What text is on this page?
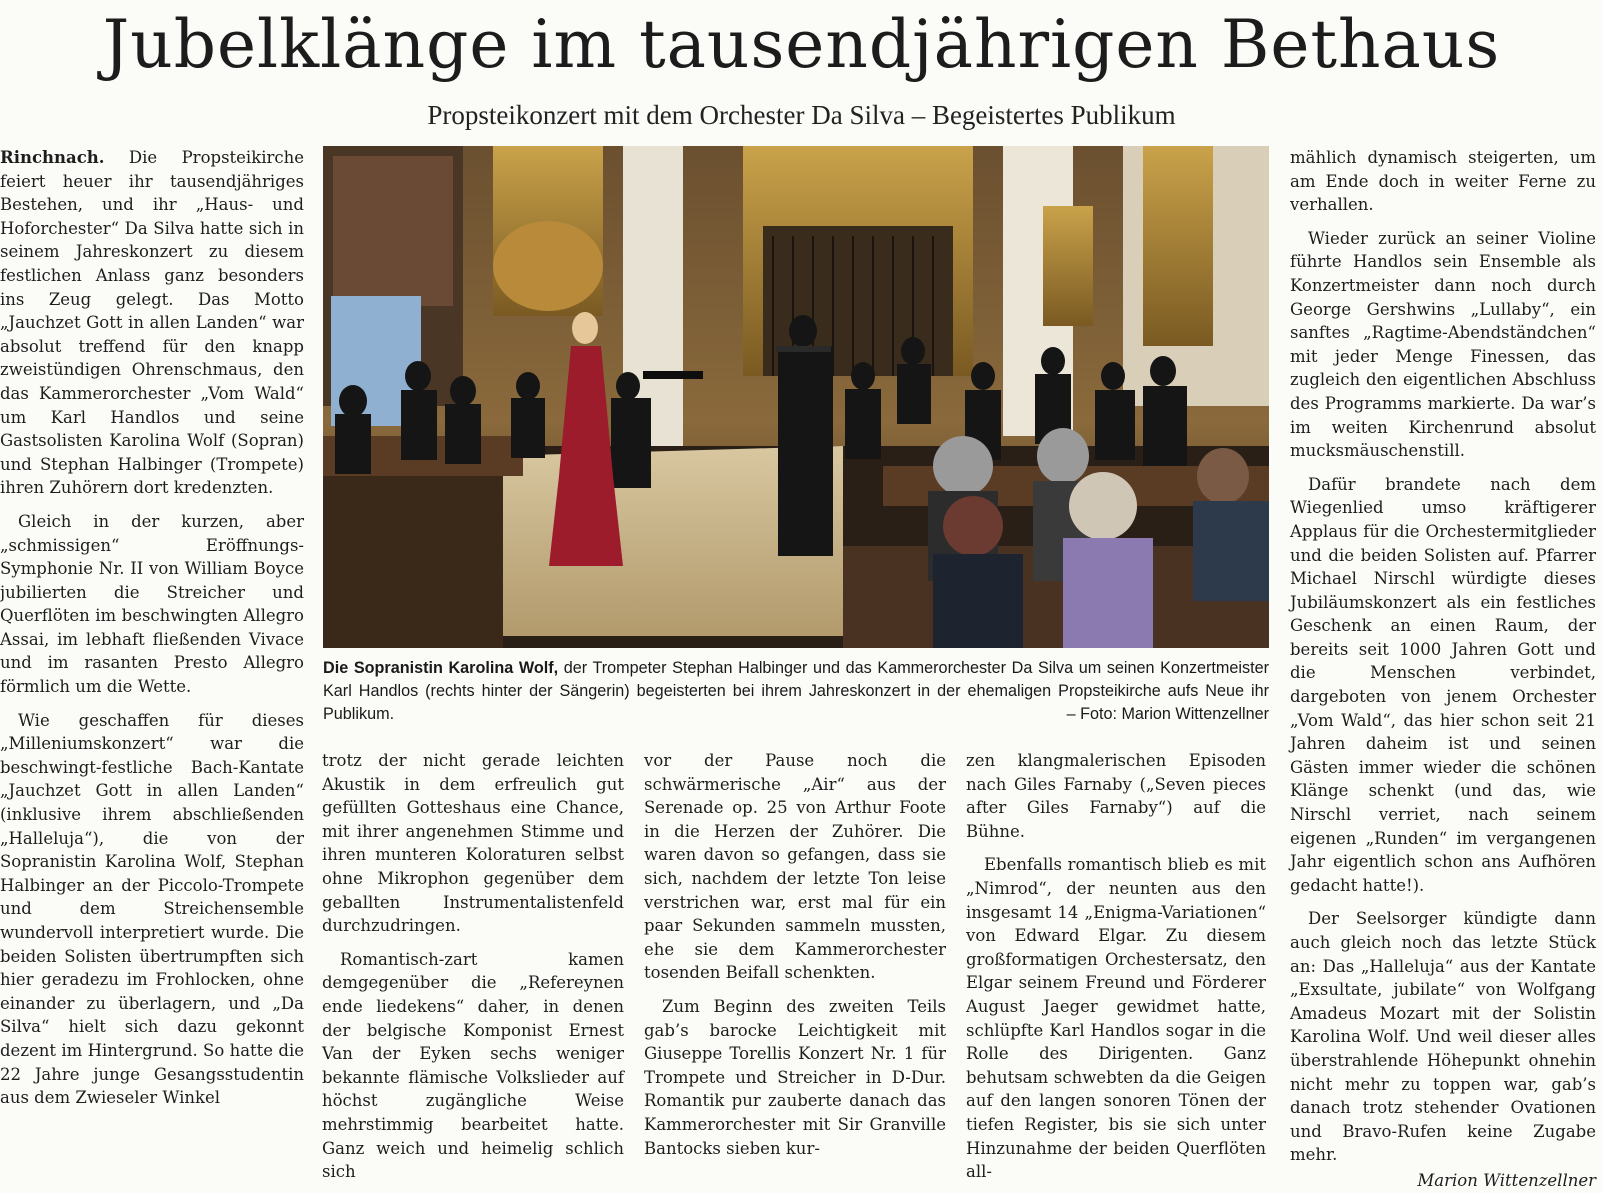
Jubelklänge im tausendjährigen Bethaus
Propsteikonzert mit dem Orchester Da Silva – Begeistertes Publikum

Rinchnach. Die Propsteikirche feiert heuer ihr tausendjähriges Bestehen, und ihr „Haus- und Hoforchester“ Da Silva hatte sich in seinem Jahreskonzert zu diesem festlichen Anlass ganz besonders ins Zeug gelegt. Das Motto „Jauchzet Gott in allen Landen“ war absolut treffend für den knapp zweistündigen Ohrenschmaus, den das Kammerorchester „Vom Wald“ um Karl Handlos und seine Gastsolisten Karolina Wolf (Sopran) und Stephan Halbinger (Trompete) ihren Zuhörern dort kredenzten.

Gleich in der kurzen, aber „schmissigen“ Eröffnungs-Symphonie Nr. II von William Boyce jubilierten die Streicher und Querflöten im beschwingten Allegro Assai, im lebhaft fließenden Vivace und im rasanten Presto Allegro förmlich um die Wette.

Wie geschaffen für dieses „Milleniumskonzert“ war die beschwingt-festliche Bach-Kantate „Jauchzet Gott in allen Landen“ (inklusive ihrem abschließenden „Halleluja“), die von der Sopranistin Karolina Wolf, Stephan Halbinger an der Piccolo-Trompete und dem Streichensemble wundervoll interpretiert wurde. Die beiden Solisten übertrumpften sich hier geradezu im Frohlocken, ohne einander zu überlagern, und „Da Silva“ hielt sich dazu gekonnt dezent im Hintergrund. So hatte die 22 Jahre junge Gesangsstudentin aus dem Zwieseler Winkel

Die Sopranistin Karolina Wolf, der Trompeter Stephan Halbinger und das Kammerorchester Da Silva um seinen Konzertmeister Karl Handlos (rechts hinter der Sängerin) begeisterten bei ihrem Jahreskonzert in der ehemaligen Propsteikirche aufs Neue ihr Publikum.	– Foto: Marion Wittenzellner

trotz der nicht gerade leichten Akustik in dem erfreulich gut gefüllten Gotteshaus eine Chance, mit ihrer angenehmen Stimme und ihren munteren Koloraturen selbst ohne Mikrophon gegenüber dem geballten Instrumentalistenfeld durchzudringen.

Romantisch-zart kamen demgegenüber die „Refereynen ende liedekens“ daher, in denen der belgische Komponist Ernest Van der Eyken sechs weniger bekannte flämische Volkslieder auf höchst zugängliche Weise mehrstimmig bearbeitet hatte. Ganz weich und heimelig schlich sich

vor der Pause noch die schwärmerische „Air“ aus der Serenade op. 25 von Arthur Foote in die Herzen der Zuhörer. Die waren davon so gefangen, dass sie sich, nachdem der letzte Ton leise verstrichen war, erst mal für ein paar Sekunden sammeln mussten, ehe sie dem Kammerorchester tosenden Beifall schenkten.

Zum Beginn des zweiten Teils gab’s barocke Leichtigkeit mit Giuseppe Torellis Konzert Nr. 1 für Trompete und Streicher in D-Dur. Romantik pur zauberte danach das Kammerorchester mit Sir Granville Bantocks sieben kur-

zen klangmalerischen Episoden nach Giles Farnaby („Seven pieces after Giles Farnaby“) auf die Bühne.

Ebenfalls romantisch blieb es mit „Nimrod“, der neunten aus den insgesamt 14 „Enigma-Variationen“ von Edward Elgar. Zu diesem großformatigen Orchestersatz, den Elgar seinem Freund und Förderer August Jaeger gewidmet hatte, schlüpfte Karl Handlos sogar in die Rolle des Dirigenten. Ganz behutsam schwebten da die Geigen auf den langen sonoren Tönen der tiefen Register, bis sie sich unter Hinzunahme der beiden Querflöten all-

mählich dynamisch steigerten, um am Ende doch in weiter Ferne zu verhallen.

Wieder zurück an seiner Violine führte Handlos sein Ensemble als Konzertmeister dann noch durch George Gershwins „Lullaby“, ein sanftes „Ragtime-Abendständchen“ mit jeder Menge Finessen, das zugleich den eigentlichen Abschluss des Programms markierte. Da war’s im weiten Kirchenrund absolut mucksmäuschenstill.

Dafür brandete nach dem Wiegenlied umso kräftigerer Applaus für die Orchestermitglieder und die beiden Solisten auf. Pfarrer Michael Nirschl würdigte dieses Jubiläumskonzert als ein festliches Geschenk an einen Raum, der bereits seit 1000 Jahren Gott und die Menschen verbindet, dargeboten von jenem Orchester „Vom Wald“, das hier schon seit 21 Jahren daheim ist und seinen Gästen immer wieder die schönen Klänge schenkt (und das, wie Nirschl verriet, nach seinem eigenen „Runden“ im vergangenen Jahr eigentlich schon ans Aufhören gedacht hatte!).

Der Seelsorger kündigte dann auch gleich noch das letzte Stück an: Das „Halleluja“ aus der Kantate „Exsultate, jubilate“ von Wolfgang Amadeus Mozart mit der Solistin Karolina Wolf. Und weil dieser alles überstrahlende Höhepunkt ohnehin nicht mehr zu toppen war, gab’s danach trotz stehender Ovationen und Bravo-Rufen keine Zugabe mehr.

Marion Wittenzellner
